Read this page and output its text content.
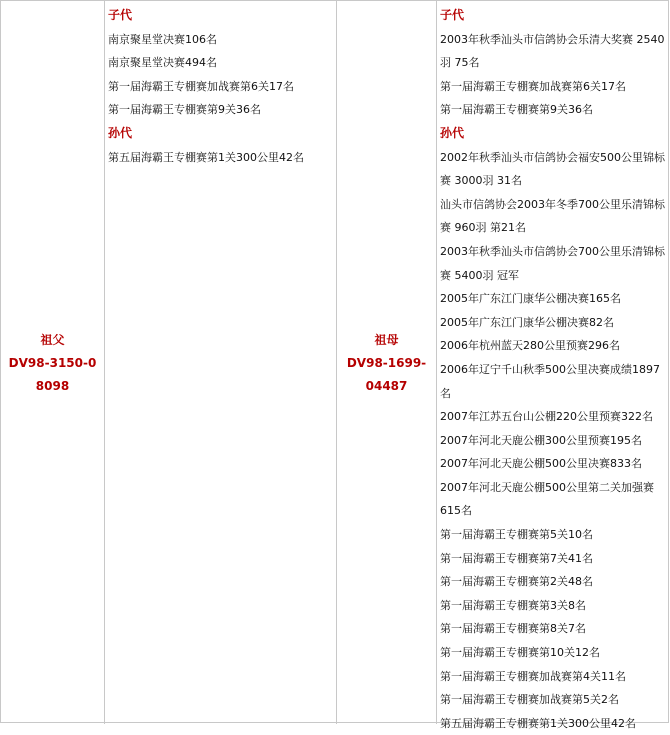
祖父
DV98-3150-08098
子代
南京聚星堂决赛106名
南京聚星堂决赛494名
第一届海霸王专棚赛加战赛第6关17名
第一届海霸王专棚赛第9关36名
孙代
第五届海霸王专棚赛第1关300公里42名
祖母
DV98-1699-04487
子代
2003年秋季汕头市信鸽协会乐清大奖赛 2540羽 75名
第一届海霸王专棚赛加战赛第6关17名
第一届海霸王专棚赛第9关36名
孙代
2002年秋季汕头市信鸽协会福安500公里锦标赛 3000羽 31名
汕头市信鸽协会2003年冬季700公里乐清锦标赛 960羽 第21名
2003年秋季汕头市信鸽协会700公里乐清锦标赛 5400羽 冠军
2005年广东江门康华公棚决赛165名
2005年广东江门康华公棚决赛82名
2006年杭州蓝天280公里预赛296名
2006年辽宁千山秋季500公里决赛成绩1897名
2007年江苏五台山公棚220公里预赛322名
2007年河北天鹿公棚300公里预赛195名
2007年河北天鹿公棚500公里决赛833名
2007年河北天鹿公棚500公里第二关加强赛615名
第一届海霸王专棚赛第5关10名
第一届海霸王专棚赛第7关41名
第一届海霸王专棚赛第2关48名
第一届海霸王专棚赛第3关8名
第一届海霸王专棚赛第8关7名
第一届海霸王专棚赛第10关12名
第一届海霸王专棚赛加战赛第4关11名
第一届海霸王专棚赛加战赛第5关2名
第五届海霸王专棚赛第1关300公里42名
